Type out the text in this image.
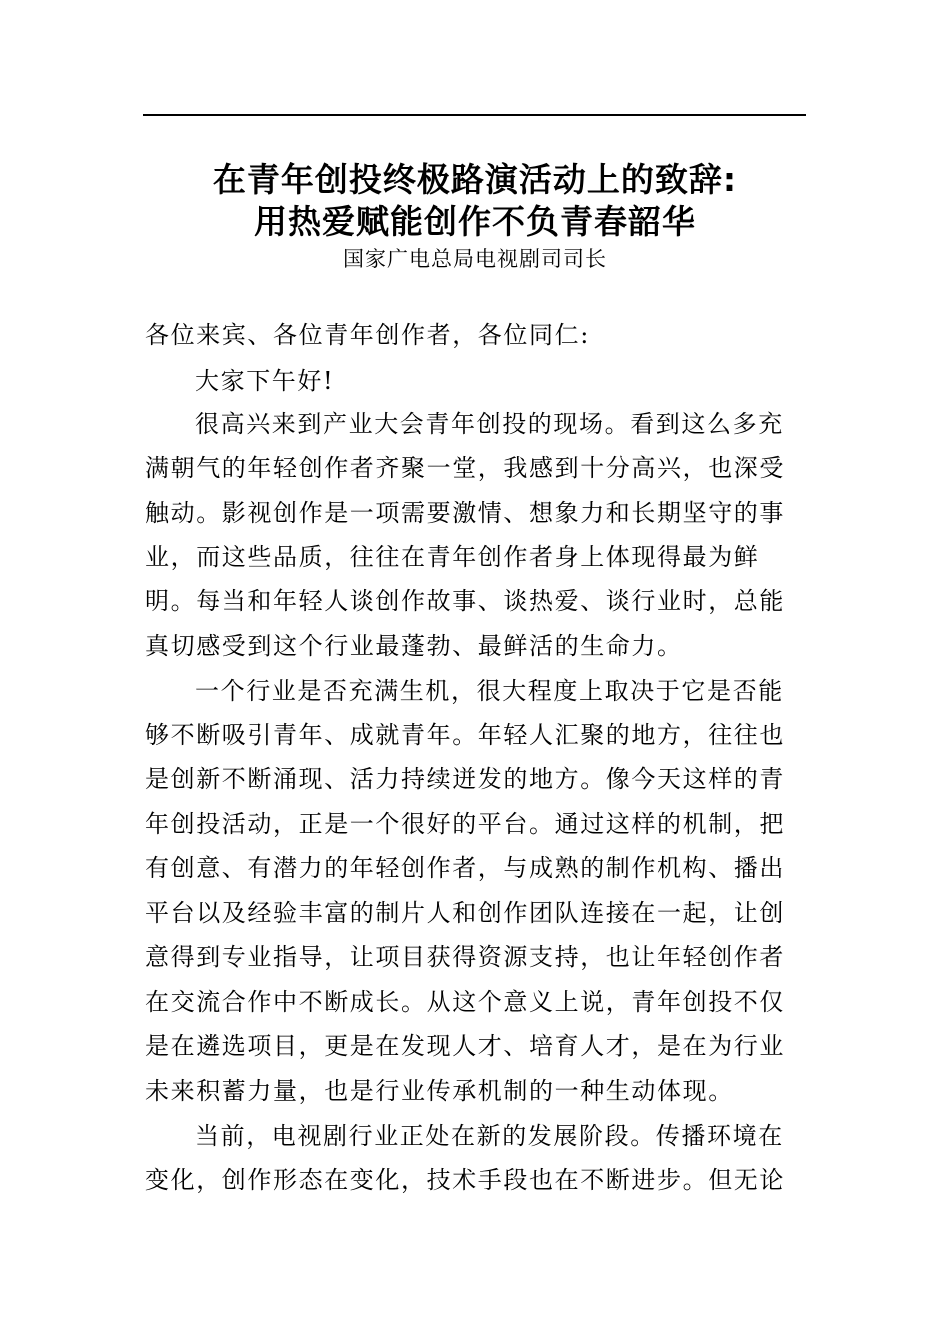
在青年创投终极路演活动上的致辞:
用热爱赋能创作不负青春韶华
国家广电总局电视剧司司长
各位来宾、各位青年创作者，各位同仁:
大家下午好!
很高兴来到产业大会青年创投的现场。看到这么多充
满朝气的年轻创作者齐聚一堂，我感到十分高兴，也深受
触动。影视创作是一项需要激情、想象力和长期坚守的事
业，而这些品质，往往在青年创作者身上体现得最为鲜
明。每当和年轻人谈创作故事、谈热爱、谈行业时，总能
真切感受到这个行业最蓬勃、最鲜活的生命力。
一个行业是否充满生机，很大程度上取决于它是否能
够不断吸引青年、成就青年。年轻人汇聚的地方，往往也
是创新不断涌现、活力持续迸发的地方。像今天这样的青
年创投活动，正是一个很好的平台。通过这样的机制，把
有创意、有潜力的年轻创作者，与成熟的制作机构、播出
平台以及经验丰富的制片人和创作团队连接在一起，让创
意得到专业指导，让项目获得资源支持，也让年轻创作者
在交流合作中不断成长。从这个意义上说，青年创投不仅
是在遴选项目，更是在发现人才、培育人才，是在为行业
未来积蓄力量，也是行业传承机制的一种生动体现。
当前，电视剧行业正处在新的发展阶段。传播环境在
变化，创作形态在变化，技术手段也在不断进步。但无论
